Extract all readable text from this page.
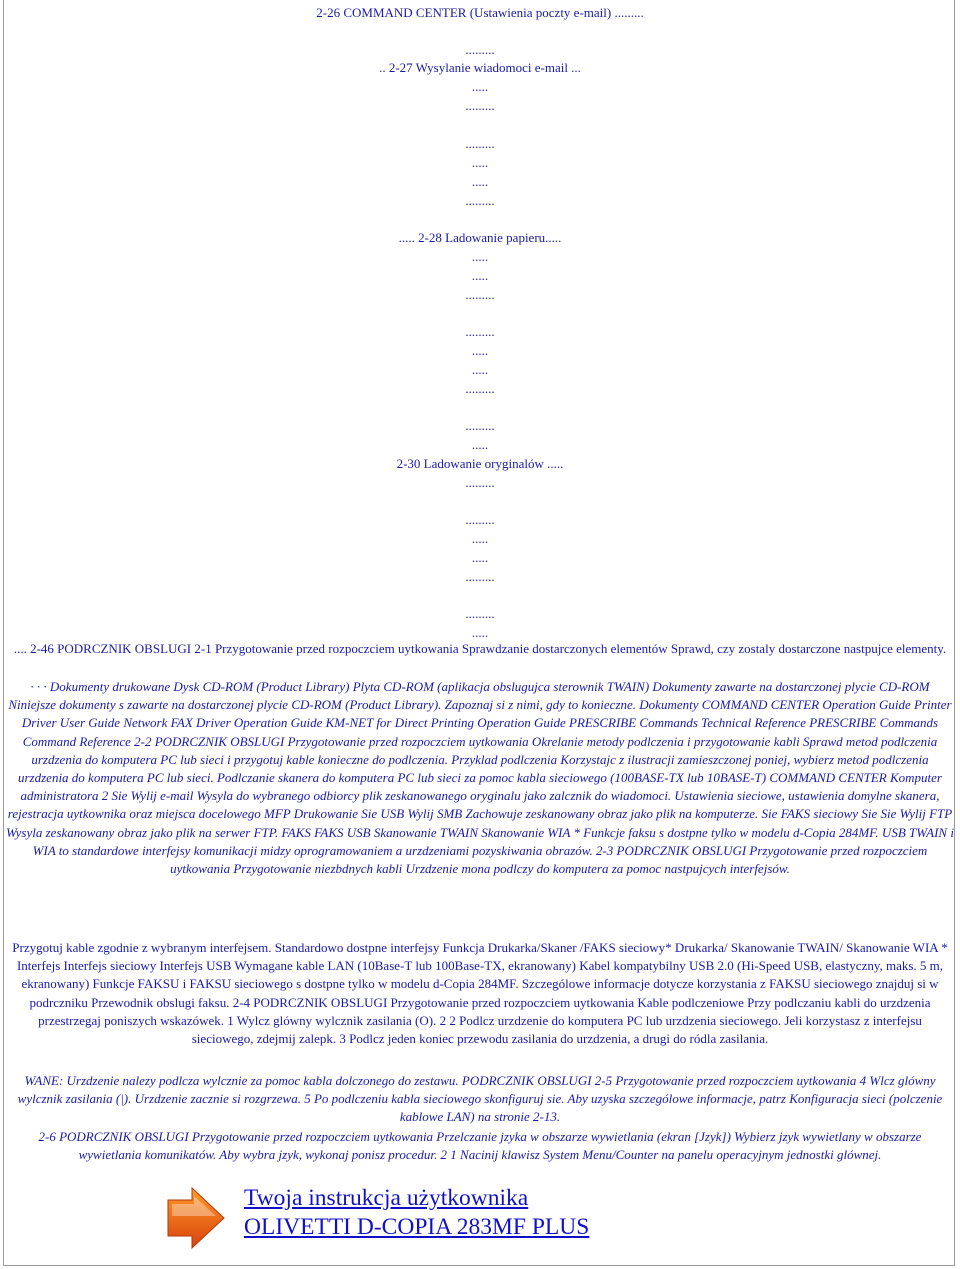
2-26 COMMAND CENTER (Ustawienia poczty e-mail) .........
.........
.. 2-27 Wysylanie wiadomoci e-mail ...
.....
.........
.........
.....
.....
.........
..... 2-28 Ladowanie papieru.....
.....
.....
.........
.........
.....
.....
.........
.........
.....
2-30 Ladowanie oryginalów .....
.........
.........
.....
.....
.........
.........
.....

.... 2-46 PODRCZNIK OBSLUGI 2-1 Przygotowanie przed rozpoczciem uytkowania Sprawdzanie dostarczonych elementów Sprawd, czy zostaly dostarczone nastpujce elementy.

· · · Dokumenty drukowane Dysk CD-ROM (Product Library) Plyta CD-ROM (aplikacja obslugujca sterownik TWAIN) Dokumenty zawarte na dostarczonej plycie CD-ROM Niniejsze dokumenty s zawarte na dostarczonej plycie CD-ROM (Product Library). Zapoznaj si z nimi, gdy to konieczne. Dokumenty COMMAND CENTER Operation Guide Printer Driver User Guide Network FAX Driver Operation Guide KM-NET for Direct Printing Operation Guide PRESCRIBE Commands Technical Reference PRESCRIBE Commands Command Reference 2-2 PODRCZNIK OBSLUGI Przygotowanie przed rozpoczciem uytkowania Okrelanie metody podlczenia i przygotowanie kabli Sprawd metod podlczenia urzdzenia do komputera PC lub sieci i przygotuj kable konieczne do podlczenia. Przyklad podlczenia Korzystajc z ilustracji zamieszczonej poniej, wybierz metod podlczenia urzdzenia do komputera PC lub sieci. Podlczanie skanera do komputera PC lub sieci za pomoc kabla sieciowego (100BASE-TX lub 10BASE-T) COMMAND CENTER Komputer administratora 2 Sie Wylij e-mail Wysyla do wybranego odbiorcy plik zeskanowanego oryginalu jako zalcznik do wiadomoci. Ustawienia sieciowe, ustawienia domylne skanera, rejestracja uytkownika oraz miejsca docelowego MFP Drukowanie Sie USB Wylij SMB Zachowuje zeskanowany obraz jako plik na komputerze. Sie FAKS sieciowy Sie Sie Wylij FTP Wysyla zeskanowany obraz jako plik na serwer FTP. FAKS FAKS USB Skanowanie TWAIN Skanowanie WIA * Funkcje faksu s dostpne tylko w modelu d-Copia 284MF. USB TWAIN i WIA to standardowe interfejsy komunikacji midzy oprogramowaniem a urzdzeniami pozyskiwania obrazów. 2-3 PODRCZNIK OBSLUGI Przygotowanie przed rozpoczciem uytkowania Przygotowanie niezbdnych kabli Urzdzenie mona podlczy do komputera za pomoc nastpujcych interfejsów.

Przygotuj kable zgodnie z wybranym interfejsem. Standardowo dostpne interfejsy Funkcja Drukarka/Skaner /FAKS sieciowy* Drukarka/ Skanowanie TWAIN/ Skanowanie WIA * Interfejs Interfejs sieciowy Interfejs USB Wymagane kable LAN (10Base-T lub 100Base-TX, ekranowany) Kabel kompatybilny USB 2.0 (Hi-Speed USB, elastyczny, maks. 5 m, ekranowany) Funkcje FAKSU i FAKSU sieciowego s dostpne tylko w modelu d-Copia 284MF. Szczególowe informacje dotycze korzystania z FAKSU sieciowego znajduj si w podrczniku Przewodnik obslugi faksu. 2-4 PODRCZNIK OBSLUGI Przygotowanie przed rozpoczciem uytkowania Kable podlczeniowe Przy podlczaniu kabli do urzdzenia przestrzegaj poniszych wskazówek. 1 Wylcz glówny wylcznik zasilania (O). 2 2 Podlcz urzdzenie do komputera PC lub urzdzenia sieciowego. Jeli korzystasz z interfejsu sieciowego, zdejmij zalepk. 3 Podlcz jeden koniec przewodu zasilania do urzdzenia, a drugi do ródla zasilania.

WANE: Urzdzenie nalezy podlcza wylcznie za pomoc kabla dolczonego do zestawu. PODRCZNIK OBSLUGI 2-5 Przygotowanie przed rozpoczciem uytkowania 4 Wlcz glówny wylcznik zasilania (|). Urzdzenie zacznie si rozgrzewa. 5 Po podlczeniu kabla sieciowego skonfiguruj sie. Aby uzyska szczególowe informacje, patrz Konfiguracja sieci (polczenie kablowe LAN) na stronie 2-13.

2-6 PODRCZNIK OBSLUGI Przygotowanie przed rozpoczciem uytkowania Przelczanie jzyka w obszarze wywietlania (ekran [Jzyk]) Wybierz jzyk wywietlany w obszarze wywietlania komunikatów. Aby wybra jzyk, wykonaj ponisz procedur. 2 1 Nacinij klawisz System Menu/Counter na panelu operacyjnym jednostki glównej.

Twoja instrukcja użytkownika
OLIVETTI D-COPIA 283MF PLUS
